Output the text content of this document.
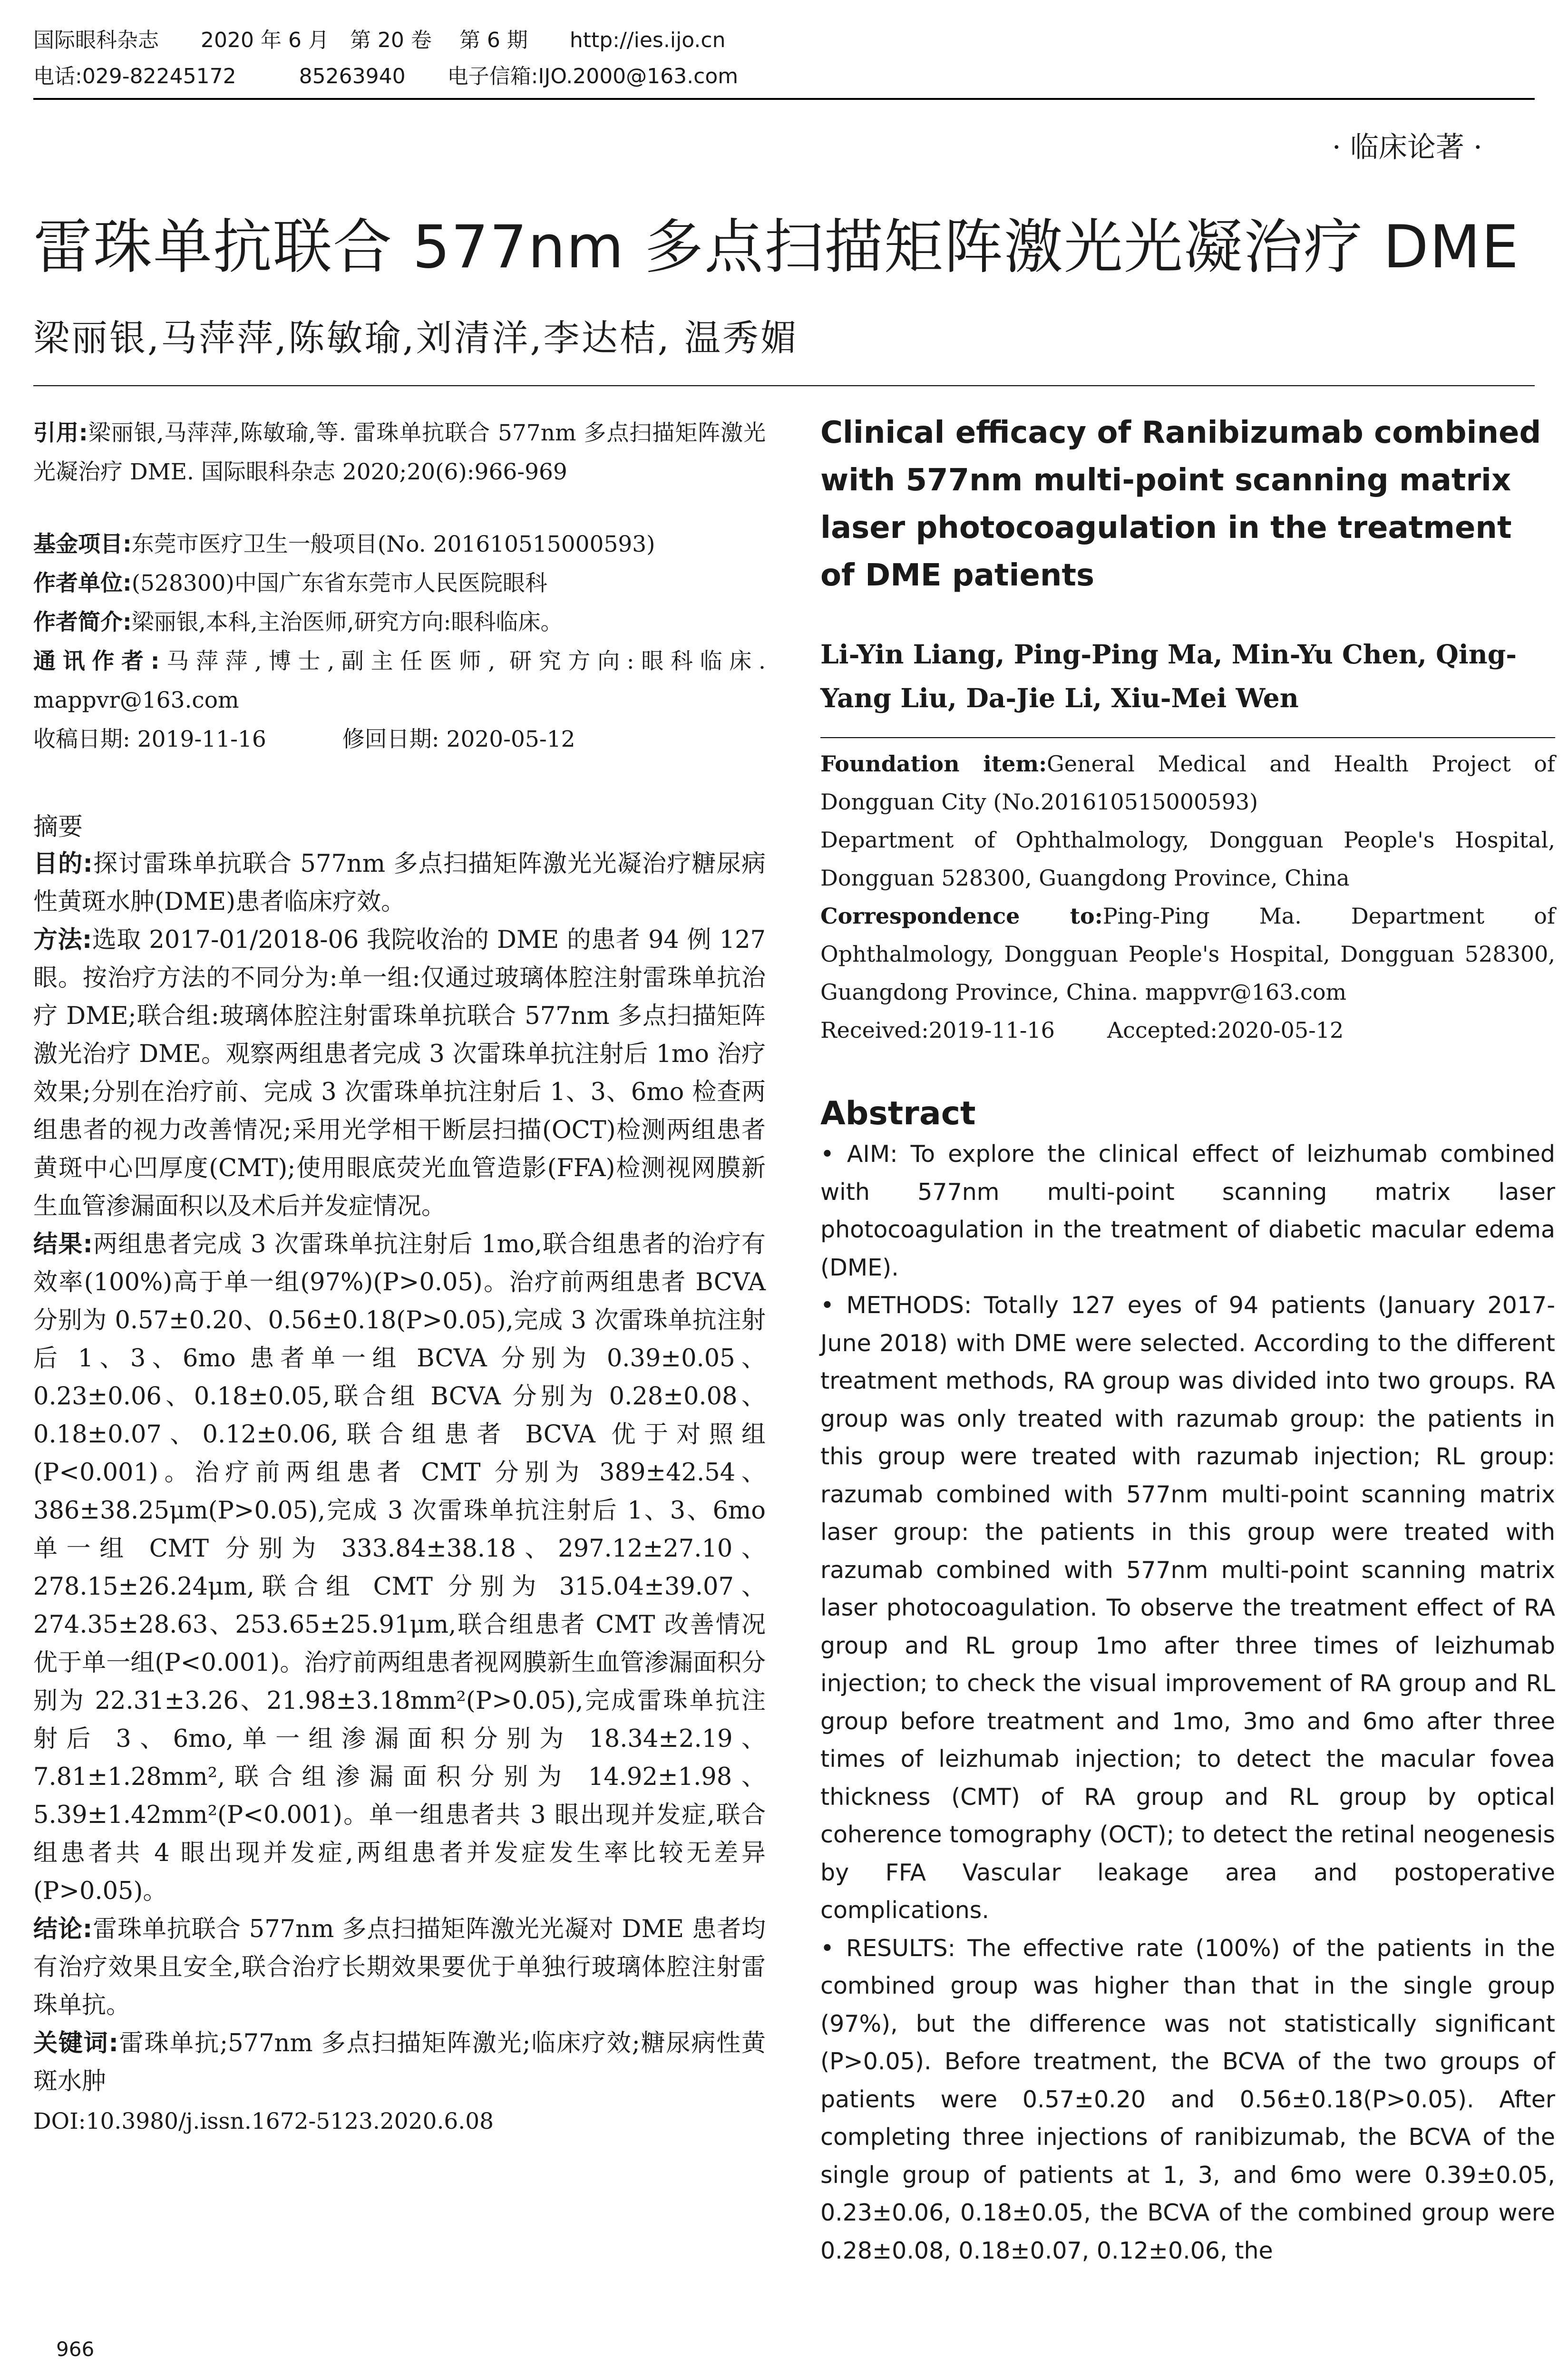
国际眼科杂志　　2020 年 6 月　第 20 卷　 第 6 期　　http://ies.ijo.cn
电话:029-82245172　　　85263940　　电子信箱:IJO.2000@163.com
· 临床论著 ·
雷珠单抗联合 577nm 多点扫描矩阵激光光凝治疗 DME
梁丽银,马萍萍,陈敏瑜,刘清洋,李达桔, 温秀媚

引用:梁丽银,马萍萍,陈敏瑜,等. 雷珠单抗联合 577nm 多点扫描矩阵激光光凝治疗 DME. 国际眼科杂志 2020;20(6):966-969

基金项目:东莞市医疗卫生一般项目(No. 201610515000593)

作者单位:(528300)中国广东省东莞市人民医院眼科

作者简介:梁丽银,本科,主治医师,研究方向:眼科临床。

通讯作者:马萍萍,博士,副主任医师, 研究方向:眼科临床. mappvr@163.com

收稿日期: 2019-11-16	修回日期: 2020-05-12

摘要

目的:探讨雷珠单抗联合 577nm 多点扫描矩阵激光光凝治疗糖尿病性黄斑水肿(DME)患者临床疗效。

方法:选取 2017-01/2018-06 我院收治的 DME 的患者 94 例 127 眼。按治疗方法的不同分为:单一组:仅通过玻璃体腔注射雷珠单抗治疗 DME;联合组:玻璃体腔注射雷珠单抗联合 577nm 多点扫描矩阵激光治疗 DME。观察两组患者完成 3 次雷珠单抗注射后 1mo 治疗效果;分别在治疗前、完成 3 次雷珠单抗注射后 1、3、6mo 检查两组患者的视力改善情况;采用光学相干断层扫描(OCT)检测两组患者黄斑中心凹厚度(CMT);使用眼底荧光血管造影(FFA)检测视网膜新生血管渗漏面积以及术后并发症情况。

结果:两组患者完成 3 次雷珠单抗注射后 1mo,联合组患者的治疗有效率(100%)高于单一组(97%)(P>0.05)。治疗前两组患者 BCVA 分别为 0.57±0.20、0.56±0.18(P>0.05),完成 3 次雷珠单抗注射后 1、3、6mo 患者单一组 BCVA 分别为 0.39±0.05、0.23±0.06、0.18±0.05,联合组 BCVA 分别为 0.28±0.08、0.18±0.07、0.12±0.06,联合组患者 BCVA 优于对照组(P<0.001)。治疗前两组患者 CMT 分别为 389±42.54、386±38.25μm(P>0.05),完成 3 次雷珠单抗注射后 1、3、6mo 单一组 CMT 分别为 333.84±38.18、297.12±27.10、278.15±26.24μm,联合组 CMT 分别为 315.04±39.07、274.35±28.63、253.65±25.91μm,联合组患者 CMT 改善情况优于单一组(P<0.001)。治疗前两组患者视网膜新生血管渗漏面积分别为 22.31±3.26、21.98±3.18mm²(P>0.05),完成雷珠单抗注射后 3、6mo,单一组渗漏面积分别为 18.34±2.19、7.81±1.28mm²,联合组渗漏面积分别为 14.92±1.98、5.39±1.42mm²(P<0.001)。单一组患者共 3 眼出现并发症,联合组患者共 4 眼出现并发症,两组患者并发症发生率比较无差异(P>0.05)。

结论:雷珠单抗联合 577nm 多点扫描矩阵激光光凝对 DME 患者均有治疗效果且安全,联合治疗长期效果要优于单独行玻璃体腔注射雷珠单抗。

关键词:雷珠单抗;577nm 多点扫描矩阵激光;临床疗效;糖尿病性黄斑水肿

DOI:10.3980/j.issn.1672-5123.2020.6.08
Clinical efficacy of Ranibizumab combined with 577nm multi-point scanning matrix laser photocoagulation in the treatment of DME patients
Li-Yin Liang, Ping-Ping Ma, Min-Yu Chen, Qing-Yang Liu, Da-Jie Li, Xiu-Mei Wen

Foundation item:General Medical and Health Project of Dongguan City (No.201610515000593)

Department of Ophthalmology, Dongguan People's Hospital, Dongguan 528300, Guangdong Province, China

Correspondence to:Ping-Ping Ma. Department of Ophthalmology, Dongguan People's Hospital, Dongguan 528300, Guangdong Province, China. mappvr@163.com

Received:2019-11-16 Accepted:2020-05-12

Abstract

• AIM: To explore the clinical effect of leizhumab combined with 577nm multi-point scanning matrix laser photocoagulation in the treatment of diabetic macular edema (DME).

• METHODS: Totally 127 eyes of 94 patients (January 2017-June 2018) with DME were selected. According to the different treatment methods, RA group was divided into two groups. RA group was only treated with razumab group: the patients in this group were treated with razumab injection; RL group: razumab combined with 577nm multi-point scanning matrix laser group: the patients in this group were treated with razumab combined with 577nm multi-point scanning matrix laser photocoagulation. To observe the treatment effect of RA group and RL group 1mo after three times of leizhumab injection; to check the visual improvement of RA group and RL group before treatment and 1mo, 3mo and 6mo after three times of leizhumab injection; to detect the macular fovea thickness (CMT) of RA group and RL group by optical coherence tomography (OCT); to detect the retinal neogenesis by FFA Vascular leakage area and postoperative complications.

• RESULTS: The effective rate (100%) of the patients in the combined group was higher than that in the single group (97%), but the difference was not statistically significant (P>0.05). Before treatment, the BCVA of the two groups of patients were 0.57±0.20 and 0.56±0.18(P>0.05). After completing three injections of ranibizumab, the BCVA of the single group of patients at 1, 3, and 6mo were 0.39±0.05, 0.23±0.06, 0.18±0.05, the BCVA of the combined group were 0.28±0.08, 0.18±0.07, 0.12±0.06, the

966
